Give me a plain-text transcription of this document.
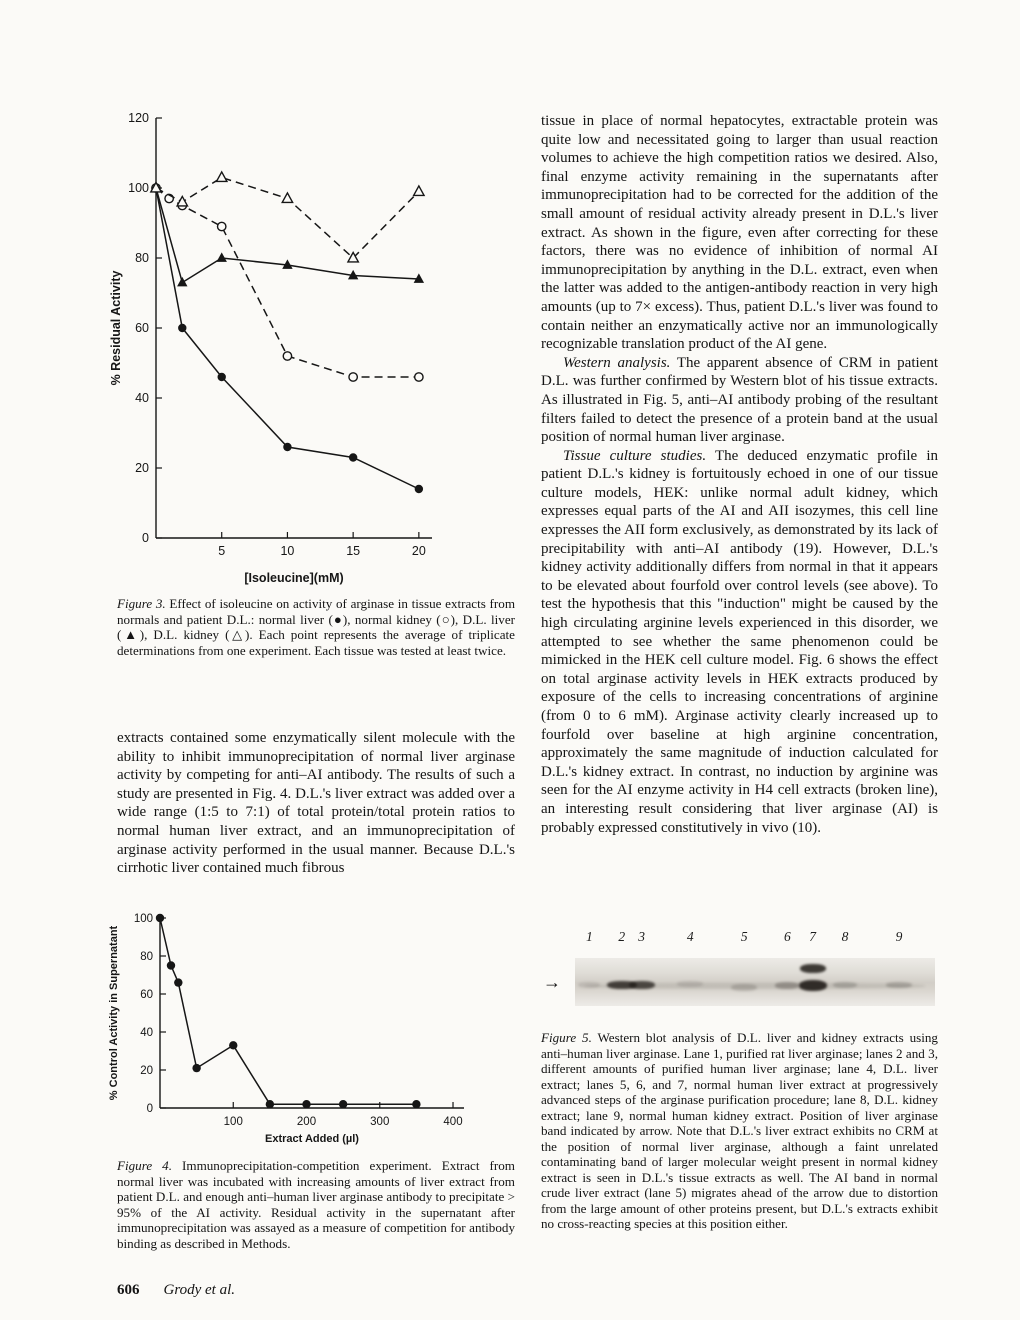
0
20
40
60
80
100
120
5	10	15	20
[Isoleucine](mM)
% Residual Activity

Figure 3. Effect of isoleucine on activity of arginase in tissue extracts from normals and patient D.L.: normal liver (●), normal kidney (○), D.L. liver (▲), D.L. kidney (△). Each point represents the average of triplicate determinations from one experiment. Each tissue was tested at least twice.

extracts contained some enzymatically silent molecule with the ability to inhibit immunoprecipitation of normal liver arginase activity by competing for anti–AI antibody. The results of such a study are presented in Fig. 4. D.L.'s liver extract was added over a wide range (1:5 to 7:1) of total protein/total protein ratios to normal human liver extract, and an immunoprecipitation of arginase activity performed in the usual manner. Because D.L.'s cirrhotic liver contained much fibrous

0
20
40
60
80
100
100	200	300	400
Extract Added (µl)
% Control Activity in Supernatant

Figure 4. Immunoprecipitation-competition experiment. Extract from normal liver was incubated with increasing amounts of liver extract from patient D.L. and enough anti–human liver arginase antibody to precipitate > 95% of the AI activity. Residual activity in the supernatant after immunoprecipitation was assayed as a measure of competition for antibody binding as described in Methods.

606 Grody et al.

tissue in place of normal hepatocytes, extractable protein was quite low and necessitated going to larger than usual reaction volumes to achieve the high competition ratios we desired. Also, final enzyme activity remaining in the supernatants after immunoprecipitation had to be corrected for the addition of the small amount of residual activity already present in D.L.'s liver extract. As shown in the figure, even after correcting for these factors, there was no evidence of inhibition of normal AI immunoprecipitation by anything in the D.L. extract, even when the latter was added to the antigen-antibody reaction in very high amounts (up to 7× excess). Thus, patient D.L.'s liver was found to contain neither an enzymatically active nor an immunologically recognizable translation product of the AI gene.

Western analysis. The apparent absence of CRM in patient D.L. was further confirmed by Western blot of his tissue extracts. As illustrated in Fig. 5, anti–AI antibody probing of the resultant filters failed to detect the presence of a protein band at the usual position of normal human liver arginase.

Tissue culture studies. The deduced enzymatic profile in patient D.L.'s kidney is fortuitously echoed in one of our tissue culture models, HEK: unlike normal adult kidney, which expresses equal parts of the AI and AII isozymes, this cell line expresses the AII form exclusively, as demonstrated by its lack of precipitability with anti–AI antibody (19). However, D.L.'s kidney activity additionally differs from normal in that it appears to be elevated about fourfold over control levels (see above). To test the hypothesis that this "induction" might be caused by the high circulating arginine levels experienced in this disorder, we attempted to see whether the same phenomenon could be mimicked in the HEK cell culture model. Fig. 6 shows the effect on total arginase activity levels in HEK extracts produced by exposure of the cells to increasing concentrations of arginine (from 0 to 6 mM). Arginase activity clearly increased up to fourfold over baseline at high arginine concentration, approximately the same magnitude of induction calculated for D.L.'s kidney extract. In contrast, no induction by arginine was seen for the AI enzyme activity in H4 cell extracts (broken line), an interesting result considering that liver arginase (AI) is probably expressed constitutively in vivo (10).

1 2 3	4	5	6 7 8	9
→

Figure 5. Western blot analysis of D.L. liver and kidney extracts using anti–human liver arginase. Lane 1, purified rat liver arginase; lanes 2 and 3, different amounts of purified human liver arginase; lane 4, D.L. liver extract; lanes 5, 6, and 7, normal human liver extract at progressively advanced steps of the arginase purification procedure; lane 8, D.L. kidney extract; lane 9, normal human kidney extract. Position of liver arginase band indicated by arrow. Note that D.L.'s liver extract exhibits no CRM at the position of normal liver arginase, although a faint unrelated contaminating band of larger molecular weight present in normal kidney extract is seen in D.L.'s tissue extracts as well. The AI band in normal crude liver extract (lane 5) migrates ahead of the arrow due to distortion from the large amount of other proteins present, but D.L.'s extracts exhibit no cross-reacting species at this position either.
